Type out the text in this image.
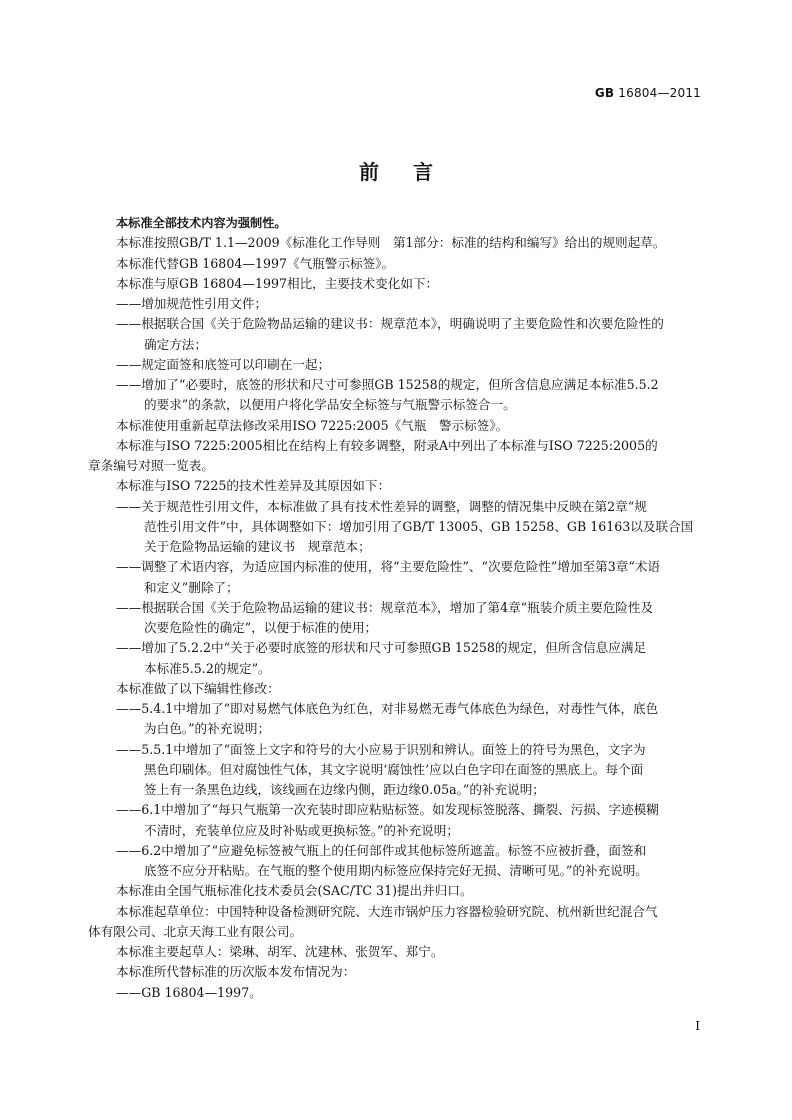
GB 16804—2011
前言
本标准全部技术内容为强制性。
本标准按照GB/T 1.1—2009《标准化工作导则　第1部分：标准的结构和编写》给出的规则起草。
本标准代替GB 16804—1997《气瓶警示标签》。
本标准与原GB 16804—1997相比，主要技术变化如下：
——增加规范性引用文件；
——根据联合国《关于危险物品运输的建议书：规章范本》，明确说明了主要危险性和次要危险性的
确定方法；
——规定面签和底签可以印刷在一起；
——增加了“必要时，底签的形状和尺寸可参照GB 15258的规定，但所含信息应满足本标准5.5.2
的要求”的条款，以便用户将化学品安全标签与气瓶警示标签合一。
本标准使用重新起草法修改采用ISO 7225:2005《气瓶　警示标签》。
本标准与ISO 7225:2005相比在结构上有较多调整，附录A中列出了本标准与ISO 7225:2005的
章条编号对照一览表。
本标准与ISO 7225的技术性差异及其原因如下：
——关于规范性引用文件，本标准做了具有技术性差异的调整，调整的情况集中反映在第2章“规
范性引用文件”中，具体调整如下：增加引用了GB/T 13005、GB 15258、GB 16163以及联合国
关于危险物品运输的建议书　规章范本；
——调整了术语内容，为适应国内标准的使用，将“主要危险性”、“次要危险性”增加至第3章“术语
和定义”删除了；
——根据联合国《关于危险物品运输的建议书：规章范本》，增加了第4章“瓶装介质主要危险性及
次要危险性的确定”，以便于标准的使用；
——增加了5.2.2中“关于必要时底签的形状和尺寸可参照GB 15258的规定，但所含信息应满足
本标准5.5.2的规定”。
本标准做了以下编辑性修改：
——5.4.1中增加了“即对易燃气体底色为红色，对非易燃无毒气体底色为绿色，对毒性气体，底色
为白色。”的补充说明；
——5.5.1中增加了“面签上文字和符号的大小应易于识别和辨认。面签上的符号为黑色，文字为
黑色印刷体。但对腐蚀性气体，其文字说明‘腐蚀性’应以白色字印在面签的黑底上。每个面
签上有一条黑色边线，该线画在边缘内侧，距边缘0.05a。”的补充说明；
——6.1中增加了“每只气瓶第一次充装时即应粘贴标签。如发现标签脱落、撕裂、污损、字迹模糊
不清时，充装单位应及时补贴或更换标签。”的补充说明；
——6.2中增加了“应避免标签被气瓶上的任何部件或其他标签所遮盖。标签不应被折叠，面签和
底签不应分开粘贴。在气瓶的整个使用期内标签应保持完好无损、清晰可见。”的补充说明。
本标准由全国气瓶标准化技术委员会(SAC/TC 31)提出并归口。
本标准起草单位：中国特种设备检测研究院、大连市锅炉压力容器检验研究院、杭州新世纪混合气
体有限公司、北京天海工业有限公司。
本标准主要起草人：梁琳、胡军、沈建林、张贺军、郑宁。
本标准所代替标准的历次版本发布情况为：
——GB 16804—1997。
I
